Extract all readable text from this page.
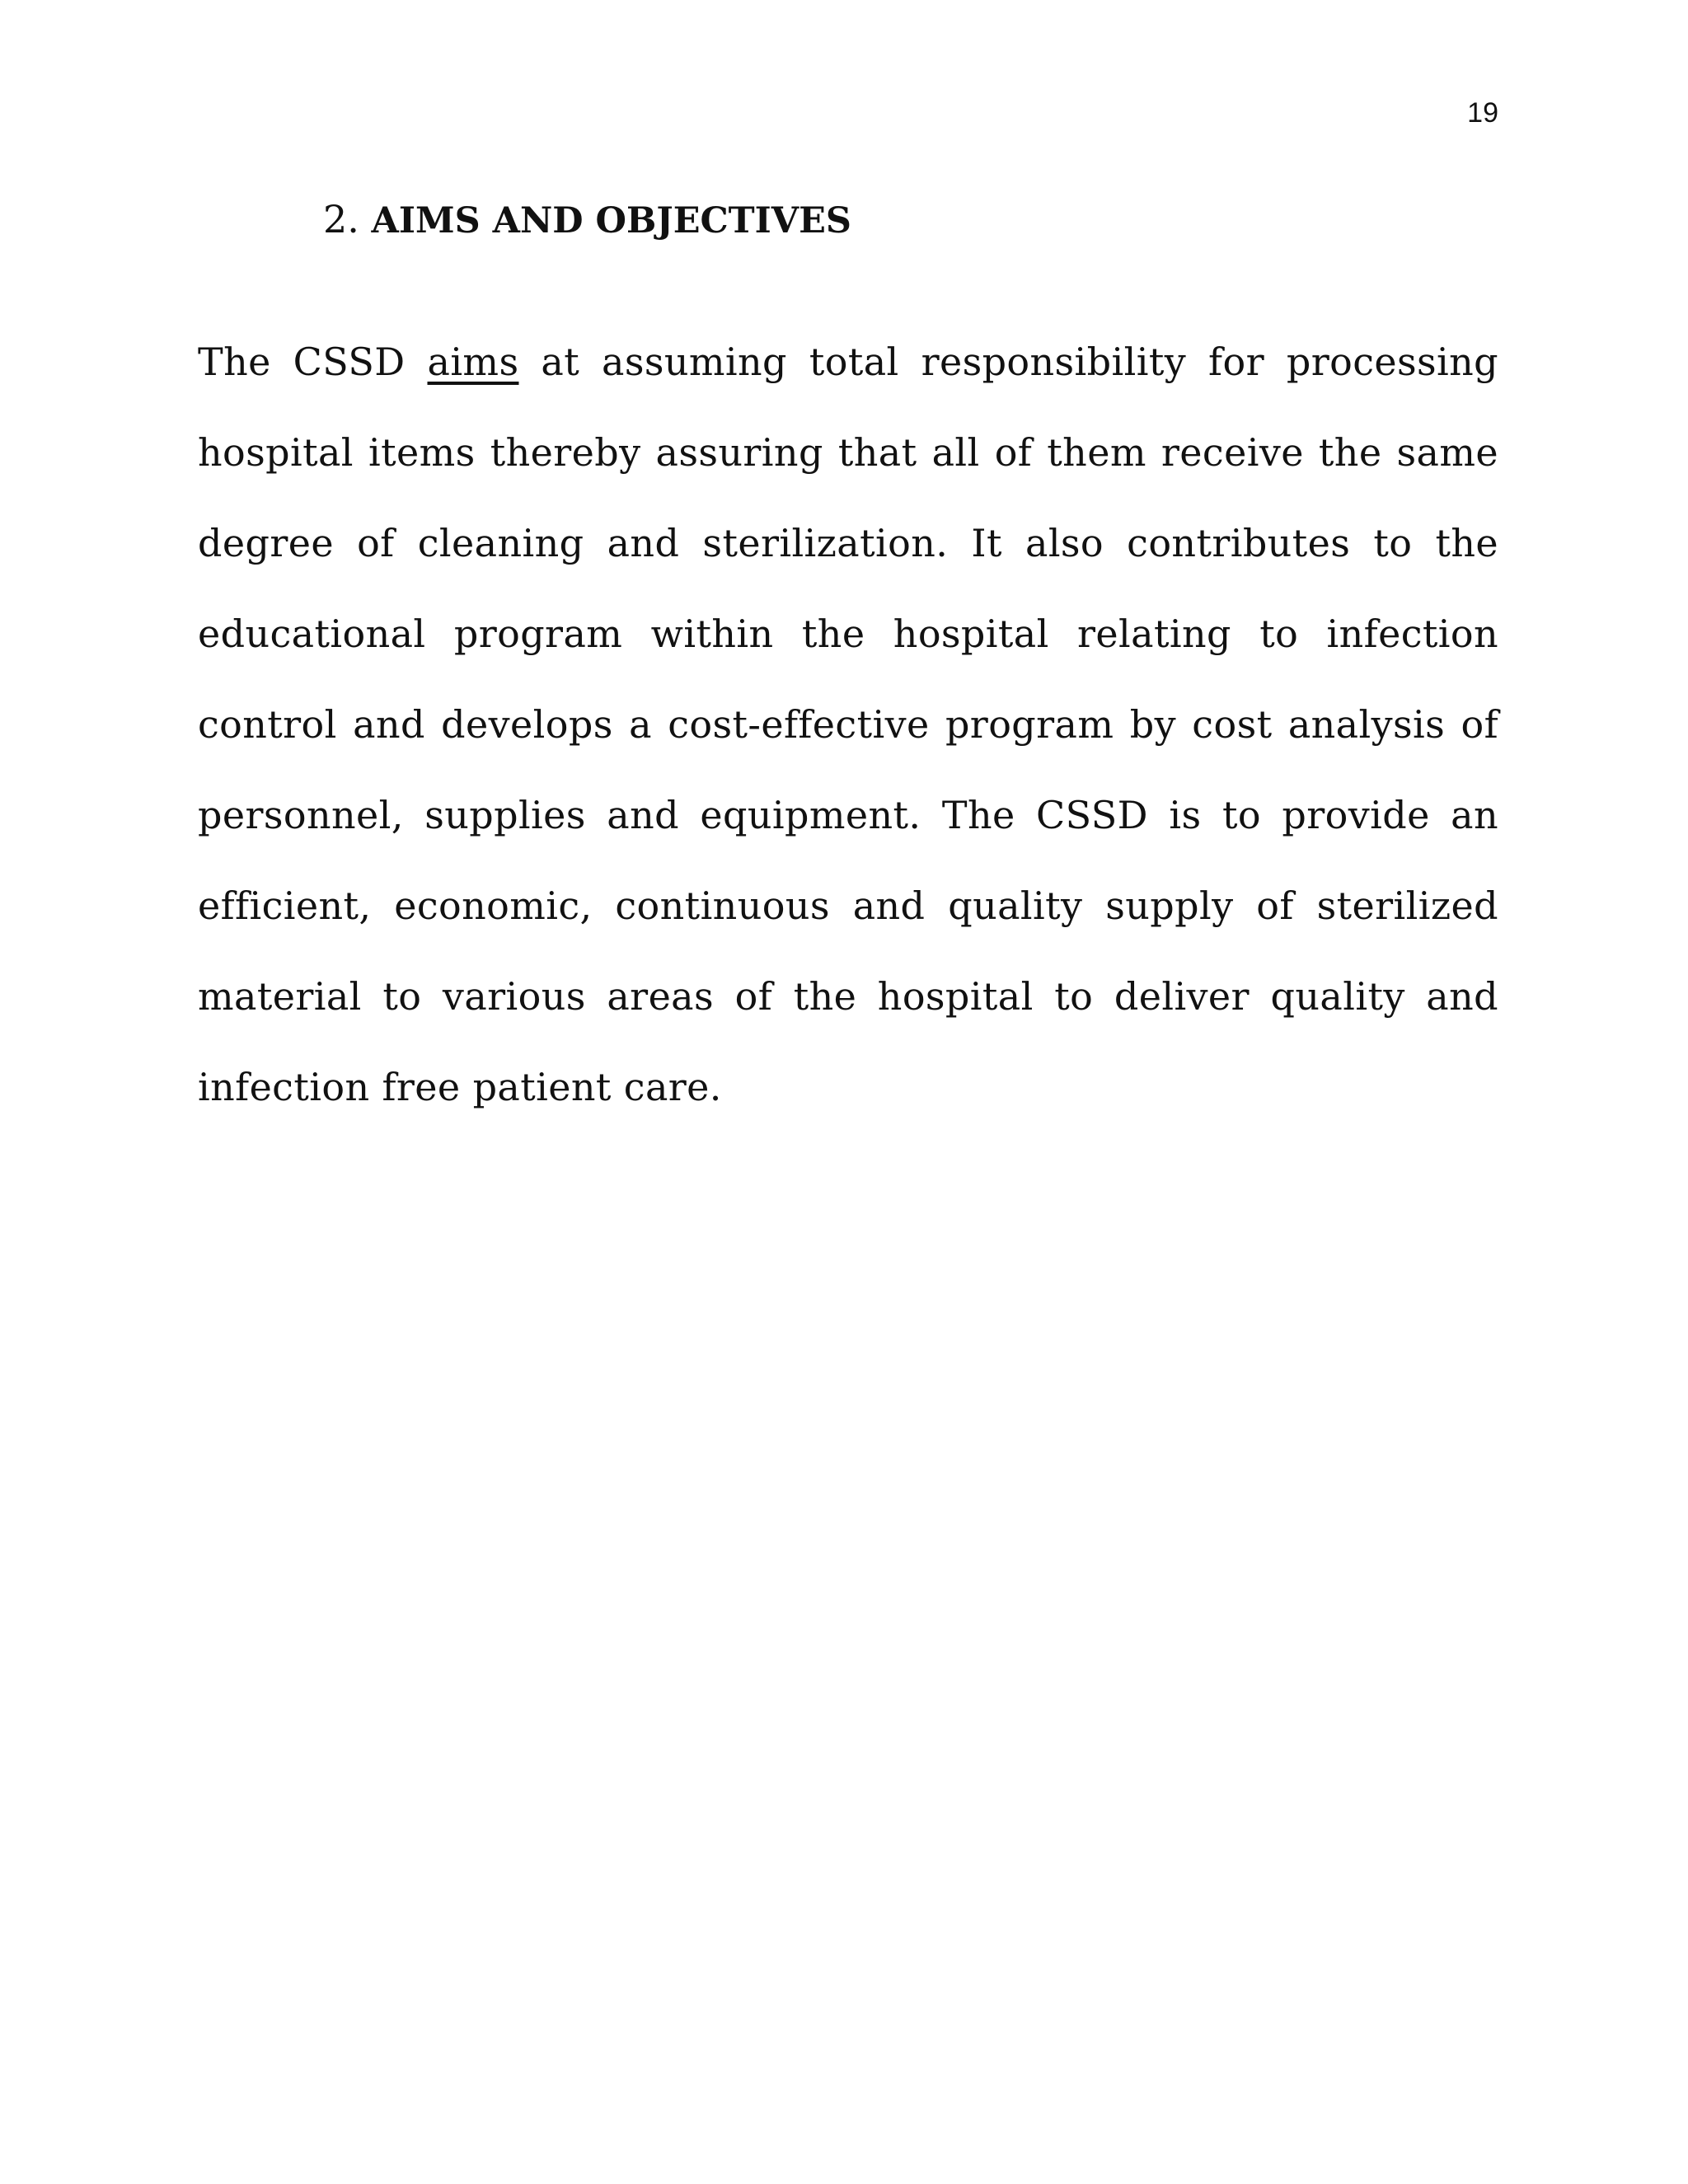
19
2. AIMS AND OBJECTIVES

The CSSD aims at assuming total responsibility for processing hospital items thereby assuring that all of them receive the same degree of cleaning and sterilization. It also contributes to the educational program within the hospital relating to infection control and develops a cost-effective program by cost analysis of personnel, supplies and equipment. The CSSD is to provide an efficient, economic, continuous and quality supply of sterilized material to various areas of the hospital to deliver quality and infection free patient care.
